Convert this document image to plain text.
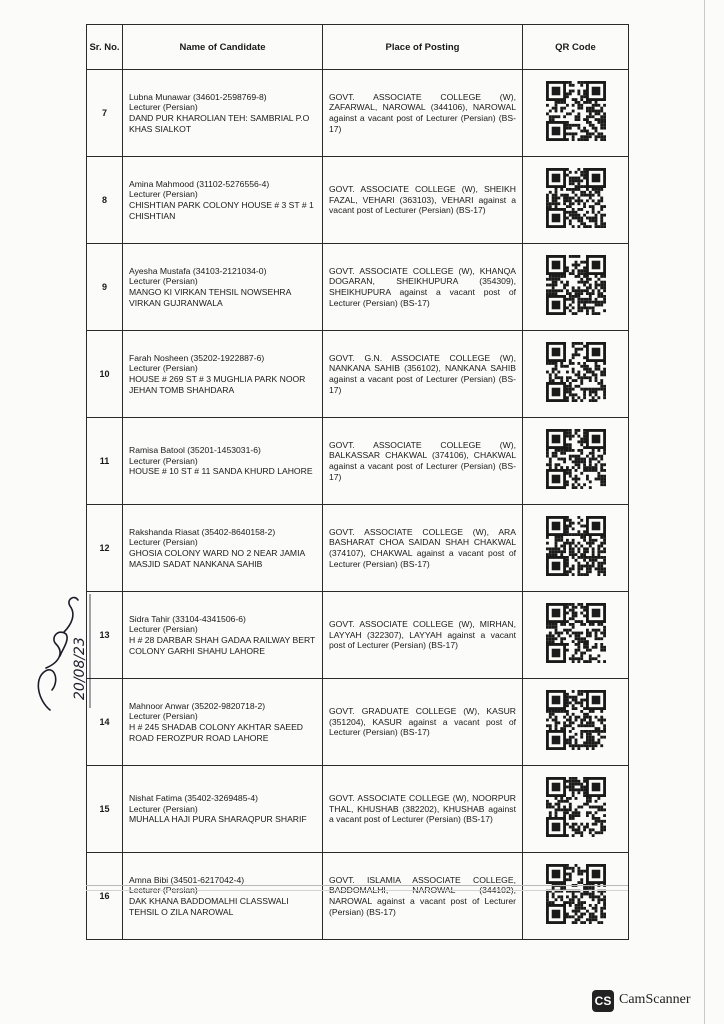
Sr. No.	Name of Candidate	Place of Posting	QR Code
7	Lubna Munawar (34601-2598769-8)
Lecturer (Persian)
DAND PUR KHAROLIAN TEH: SAMBRIAL P.O KHAS SIALKOT	GOVT. ASSOCIATE COLLEGE (W), ZAFARWAL, NAROWAL (344106), NAROWAL against a vacant post of Lecturer (Persian) (BS-17)	
8	Amina Mahmood (31102-5276556-4)
Lecturer (Persian)
CHISHTIAN PARK COLONY HOUSE # 3 ST # 1 CHISHTIAN	GOVT. ASSOCIATE COLLEGE (W), SHEIKH FAZAL, VEHARI (363103), VEHARI against a vacant post of Lecturer (Persian) (BS-17)	
9	Ayesha Mustafa (34103-2121034-0)
Lecturer (Persian)
MANGO KI VIRKAN TEHSIL NOWSEHRA VIRKAN GUJRANWALA	GOVT. ASSOCIATE COLLEGE (W), KHANQA DOGARAN, SHEIKHUPURA (354309), SHEIKHUPURA against a vacant post of Lecturer (Persian) (BS-17)	
10	Farah Nosheen (35202-1922887-6)
Lecturer (Persian)
HOUSE # 269 ST # 3 MUGHLIA PARK NOOR JEHAN TOMB SHAHDARA	GOVT. G.N. ASSOCIATE COLLEGE (W), NANKANA SAHIB (356102), NANKANA SAHIB against a vacant post of Lecturer (Persian) (BS-17)	
11	Ramisa Batool (35201-1453031-6)
Lecturer (Persian)
HOUSE # 10 ST # 11 SANDA KHURD LAHORE	GOVT. ASSOCIATE COLLEGE (W), BALKASSAR CHAKWAL (374106), CHAKWAL against a vacant post of Lecturer (Persian) (BS-17)	
12	Rakshanda Riasat (35402-8640158-2)
Lecturer (Persian)
GHOSIA COLONY WARD NO 2 NEAR JAMIA MASJID SADAT NANKANA SAHIB	GOVT. ASSOCIATE COLLEGE (W), ARA BASHARAT CHOA SAIDAN SHAH CHAKWAL (374107), CHAKWAL against a vacant post of Lecturer (Persian) (BS-17)	
13	Sidra Tahir (33104-4341506-6)
Lecturer (Persian)
H # 28 DARBAR SHAH GADAA RAILWAY BERT COLONY GARHI SHAHU LAHORE	GOVT. ASSOCIATE COLLEGE (W), MIRHAN, LAYYAH (322307), LAYYAH against a vacant post of Lecturer (Persian) (BS-17)	
14	Mahnoor Anwar (35202-9820718-2)
Lecturer (Persian)
H # 245 SHADAB COLONY AKHTAR SAEED ROAD FEROZPUR ROAD LAHORE	GOVT. GRADUATE COLLEGE (W), KASUR (351204), KASUR against a vacant post of Lecturer (Persian) (BS-17)	
15	Nishat Fatima (35402-3269485-4)
Lecturer (Persian)
MUHALLA HAJI PURA SHARAQPUR SHARIF	GOVT. ASSOCIATE COLLEGE (W), NOORPUR THAL, KHUSHAB (382202), KHUSHAB against a vacant post of Lecturer (Persian) (BS-17)	
16	Amna Bibi (34501-6217042-4)
DAK KHANA BADDOMALHI CLASSWALI TEHSIL O ZILA NAROWAL	GOVT. ISLAMIA ASSOCIATE COLLEGE, NAROWAL against a vacant post of Lecturer (Persian) (BS-17)	
20/08/23
CS CamScanner
